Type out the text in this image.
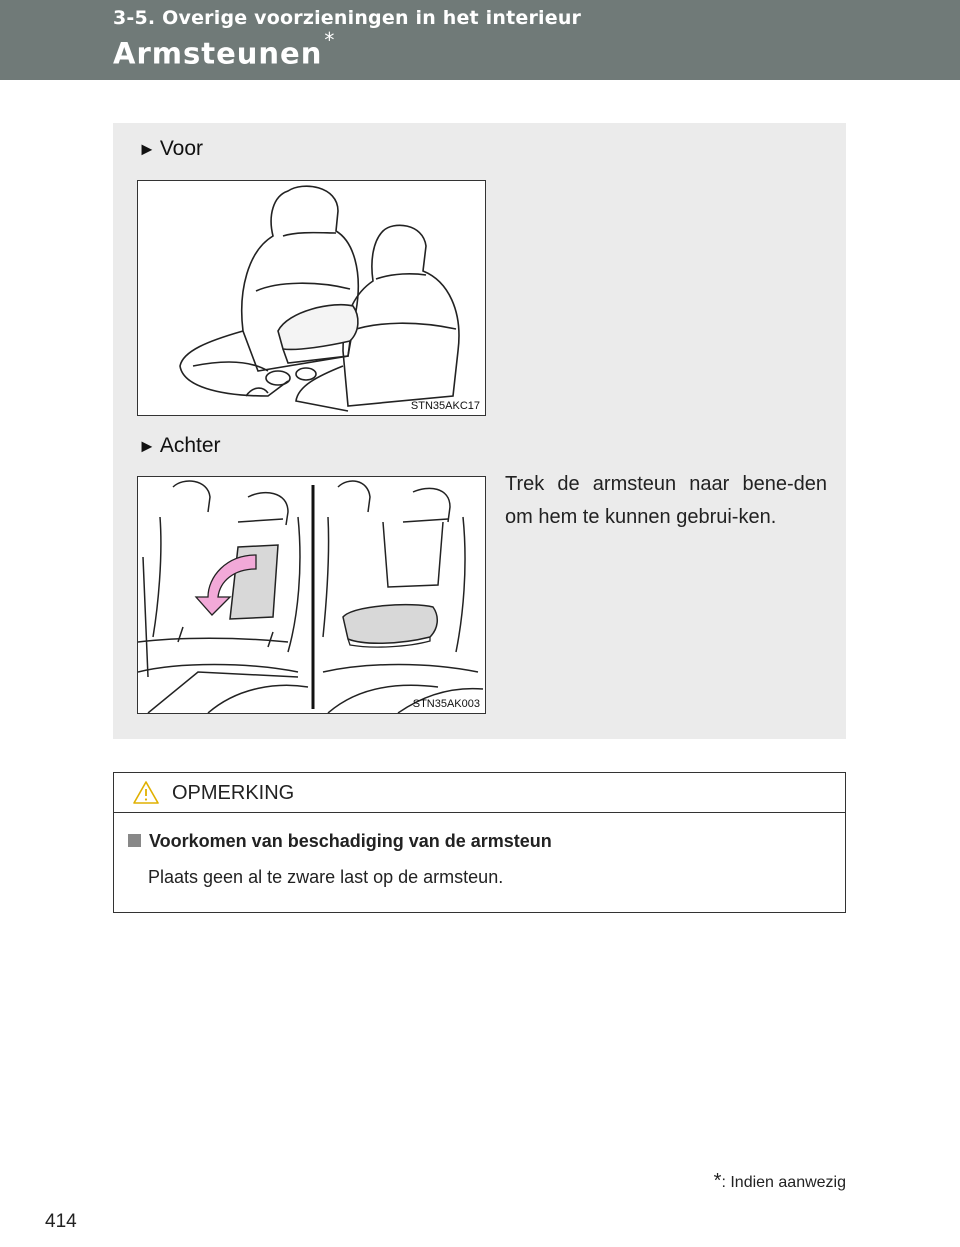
3-5. Overige voorzieningen in het interieur
Armsteunen *
► Voor
STN35AKC17
► Achter
STN35AK003
Trek de armsteun naar bene-den om hem te kunnen gebrui-ken.
OPMERKING
Voorkomen van beschadiging van de armsteun
Plaats geen al te zware last op de armsteun.
*: Indien aanwezig
414
